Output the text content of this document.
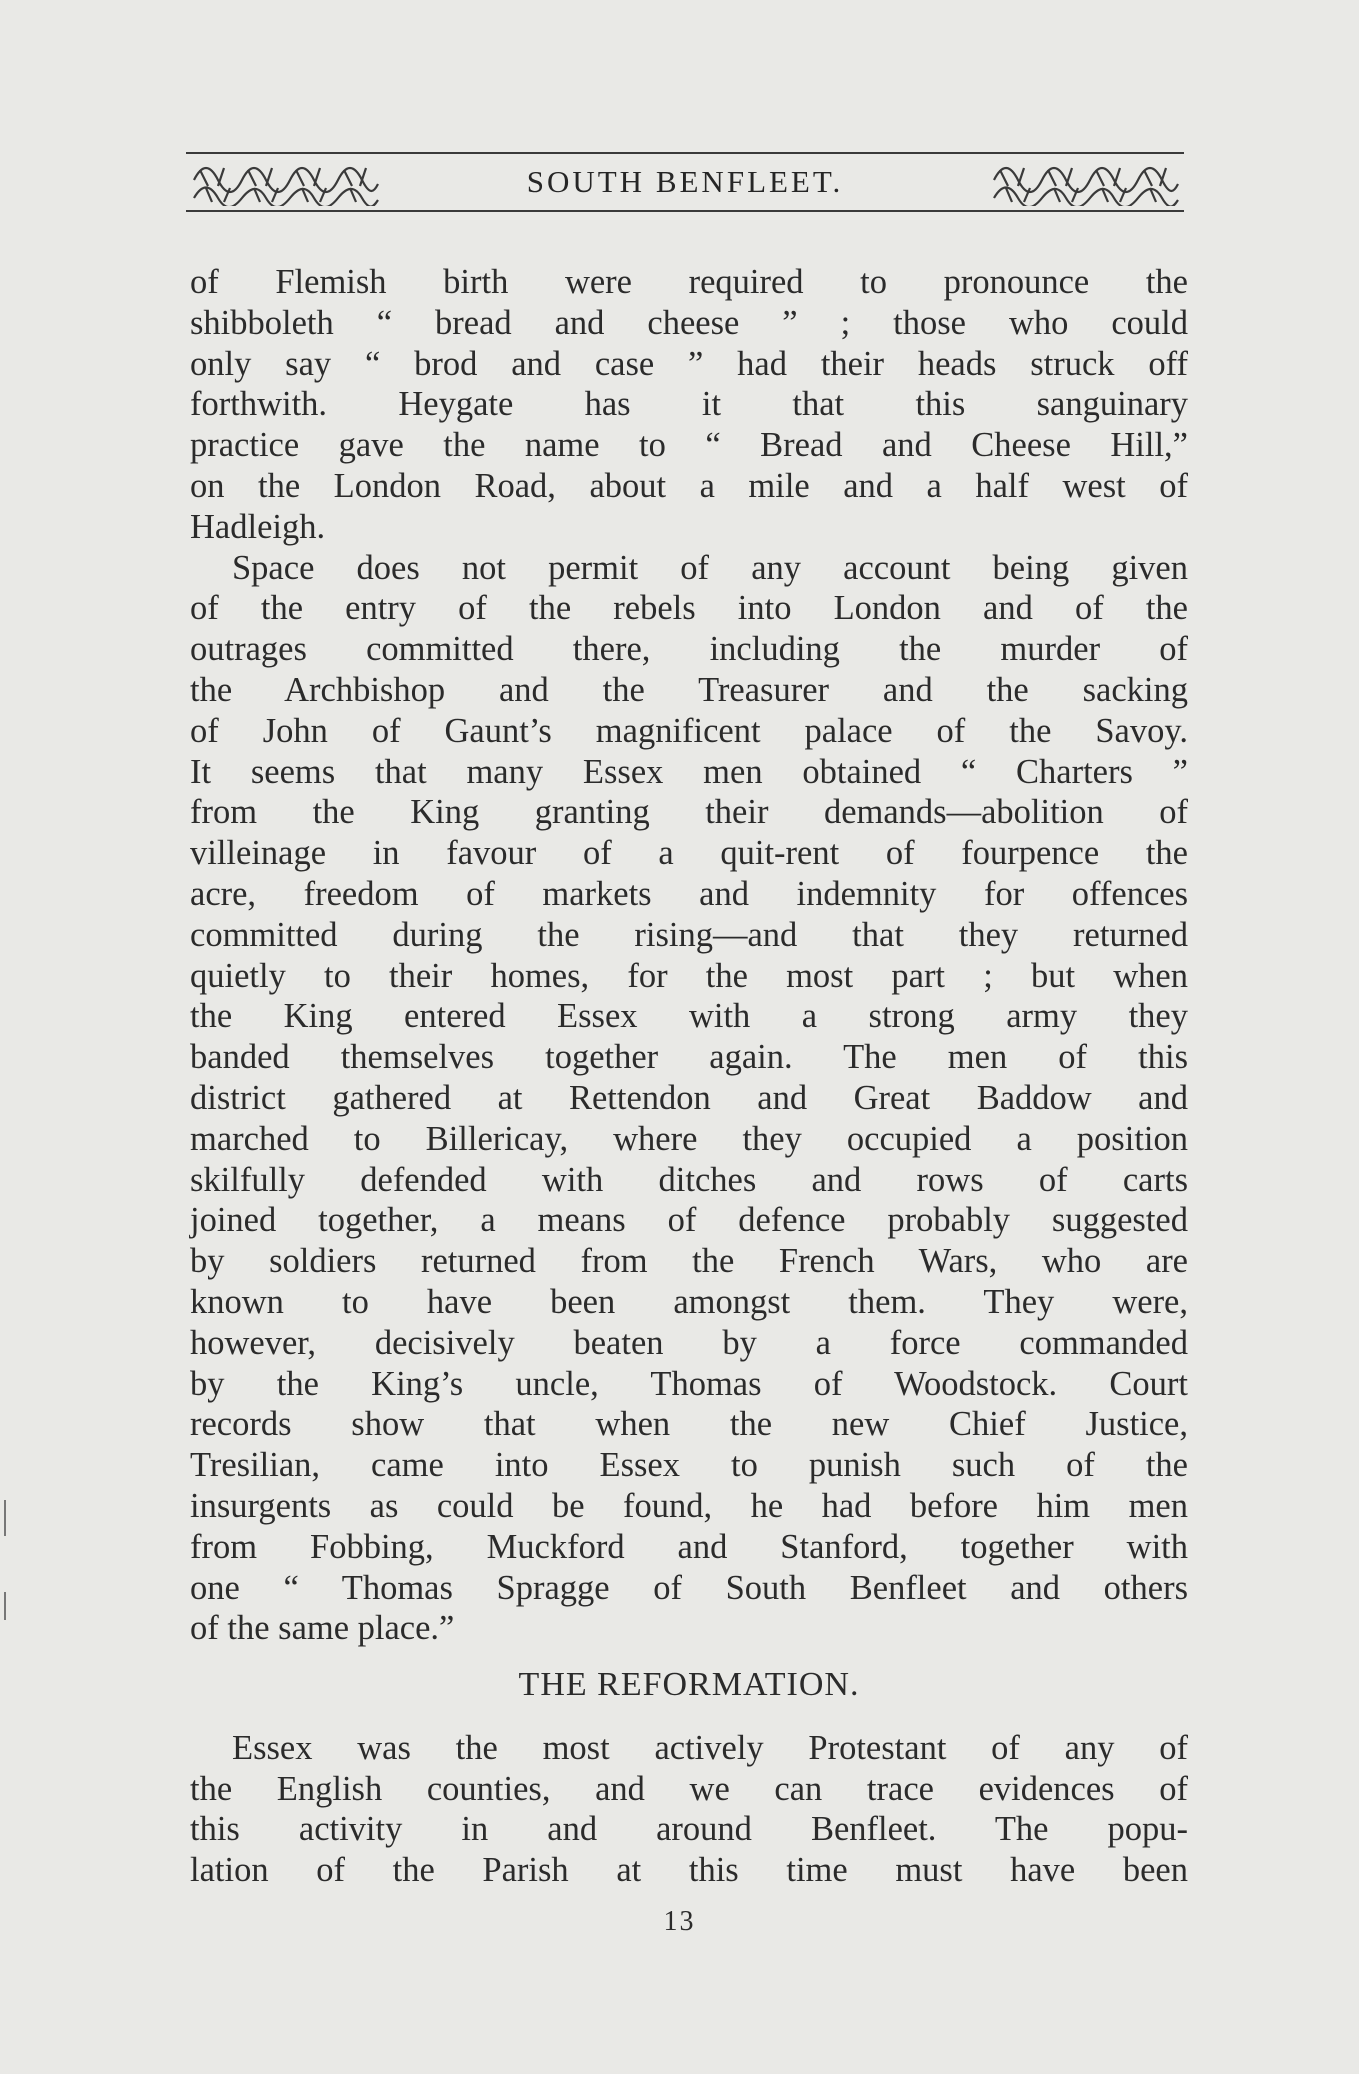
SOUTH BENFLEET.
of Flemish birth were required to pronounce the
shibboleth “ bread and cheese ” ; those who could
only say “ brod and case ” had their heads struck off
forthwith. Heygate has it that this sanguinary
practice gave the name to “ Bread and Cheese Hill,”
on the London Road, about a mile and a half west of
Hadleigh.
Space does not permit of any account being given
of the entry of the rebels into London and of the
outrages committed there, including the murder of
the Archbishop and the Treasurer and the sacking
of John of Gaunt’s magnificent palace of the Savoy.
It seems that many Essex men obtained “ Charters ”
from the King granting their demands—abolition of
villeinage in favour of a quit-rent of fourpence the
acre, freedom of markets and indemnity for offences
committed during the rising—and that they returned
quietly to their homes, for the most part ; but when
the King entered Essex with a strong army they
banded themselves together again. The men of this
district gathered at Rettendon and Great Baddow and
marched to Billericay, where they occupied a position
skilfully defended with ditches and rows of carts
joined together, a means of defence probably suggested
by soldiers returned from the French Wars, who are
known to have been amongst them. They were,
however, decisively beaten by a force commanded
by the King’s uncle, Thomas of Woodstock. Court
records show that when the new Chief Justice,
Tresilian, came into Essex to punish such of the
insurgents as could be found, he had before him men
from Fobbing, Muckford and Stanford, together with
one “ Thomas Spragge of South Benfleet and others
of the same place.”
THE REFORMATION.
Essex was the most actively Protestant of any of
the English counties, and we can trace evidences of
this activity in and around Benfleet. The popu-
lation of the Parish at this time must have been
13
